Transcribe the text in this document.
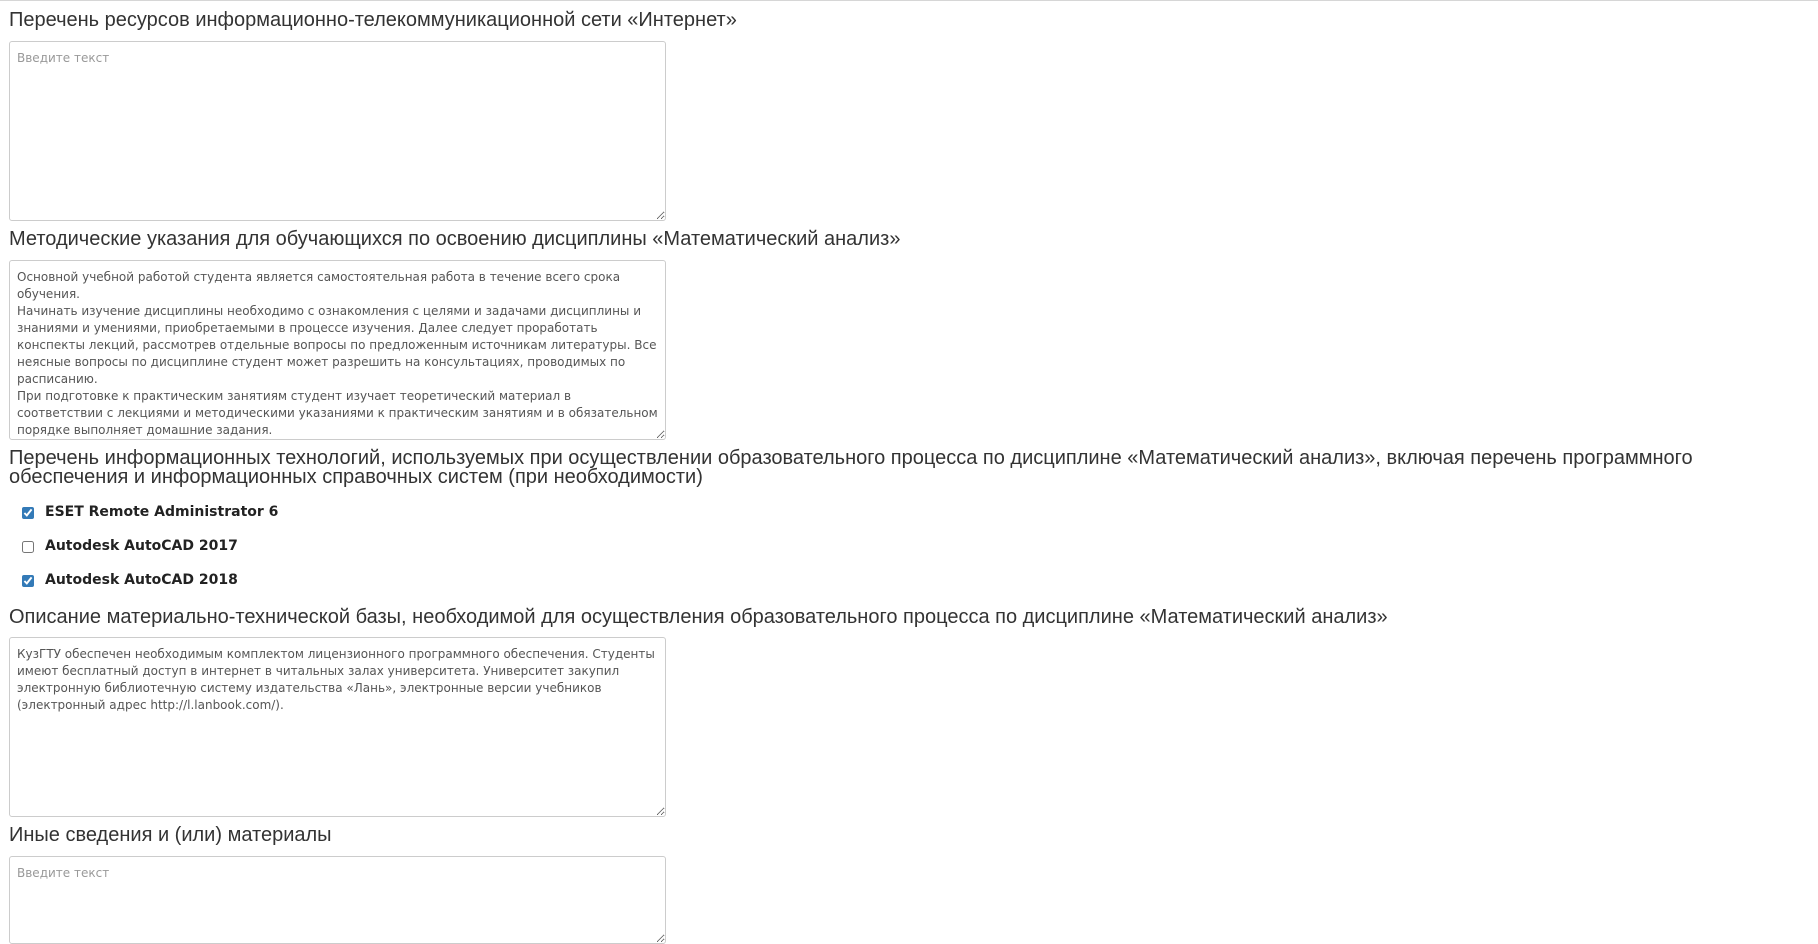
Перечень ресурсов информационно-телекоммуникационной сети «Интернет»
Введите текст
Методические указания для обучающихся по освоению дисциплины «Математический анализ»
Основной учебной работой студента является самостоятельная работа в течение всего срока обучения. Начинать изучение дисциплины необходимо с ознакомления с целями и задачами дисциплины и знаниями и умениями, приобретаемыми в процессе изучения. Далее следует проработать конспекты лекций, рассмотрев отдельные вопросы по предложенным источникам литературы. Все неясные вопросы по дисциплине студент может разрешить на консультациях, проводимых по расписанию. При подготовке к практическим занятиям студент изучает теоретический материал в соответствии с лекциями и методическими указаниями к практическим занятиям и в обязательном порядке выполняет домашние задания.
Перечень информационных технологий, используемых при осуществлении образовательного процесса по дисциплине «Математический анализ», включая перечень программного обеспечения и информационных справочных систем (при необходимости)
ESET Remote Administrator 6
Autodesk AutoCAD 2017
Autodesk AutoCAD 2018
Описание материально-технической базы, необходимой для осуществления образовательного процесса по дисциплине «Математический анализ»
КузГТУ обеспечен необходимым комплектом лицензионного программного обеспечения. Студенты имеют бесплатный доступ в интернет в читальных залах университета. Университет закупил электронную библиотечную систему издательства «Лань», электронные версии учебников (электронный адрес http://l.lanbook.com/).
Иные сведения и (или) материалы
Введите текст
